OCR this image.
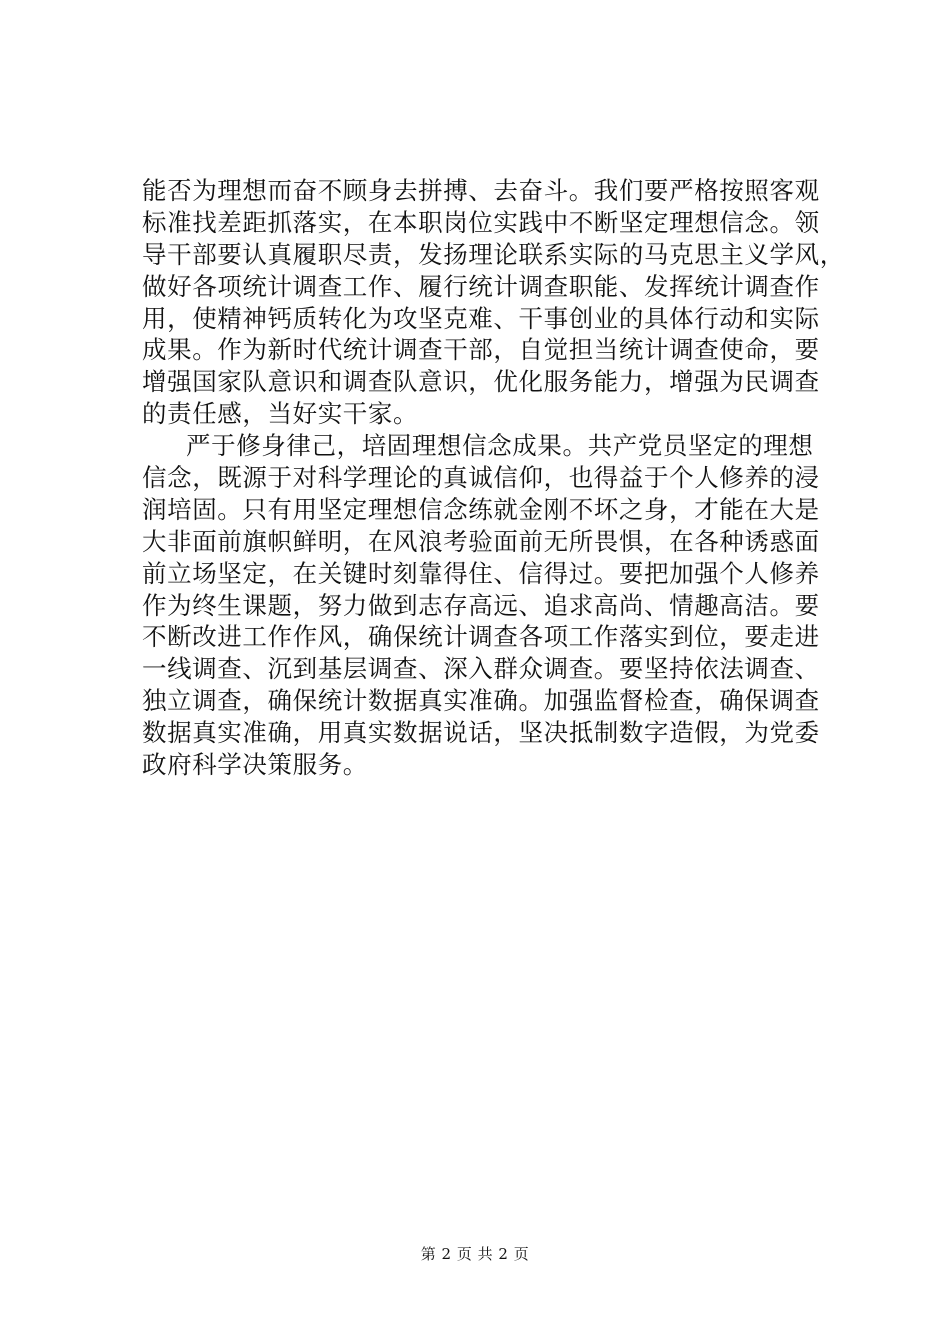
能否为理想而奋不顾身去拼搏、去奋斗。我们要严格按照客观
标准找差距抓落实，在本职岗位实践中不断坚定理想信念。领
导干部要认真履职尽责，发扬理论联系实际的马克思主义学风，
做好各项统计调查工作、履行统计调查职能、发挥统计调查作
用，使精神钙质转化为攻坚克难、干事创业的具体行动和实际
成果。作为新时代统计调查干部，自觉担当统计调查使命，要
增强国家队意识和调查队意识，优化服务能力，增强为民调查
的责任感，当好实干家。
严于修身律己，培固理想信念成果。共产党员坚定的理想
信念，既源于对科学理论的真诚信仰，也得益于个人修养的浸
润培固。只有用坚定理想信念练就金刚不坏之身，才能在大是
大非面前旗帜鲜明，在风浪考验面前无所畏惧，在各种诱惑面
前立场坚定，在关键时刻靠得住、信得过。要把加强个人修养
作为终生课题，努力做到志存高远、追求高尚、情趣高洁。要
不断改进工作作风，确保统计调查各项工作落实到位，要走进
一线调查、沉到基层调查、深入群众调查。要坚持依法调查、
独立调查，确保统计数据真实准确。加强监督检查，确保调查
数据真实准确，用真实数据说话，坚决抵制数字造假，为党委
政府科学决策服务。
第 2 页 共 2 页
